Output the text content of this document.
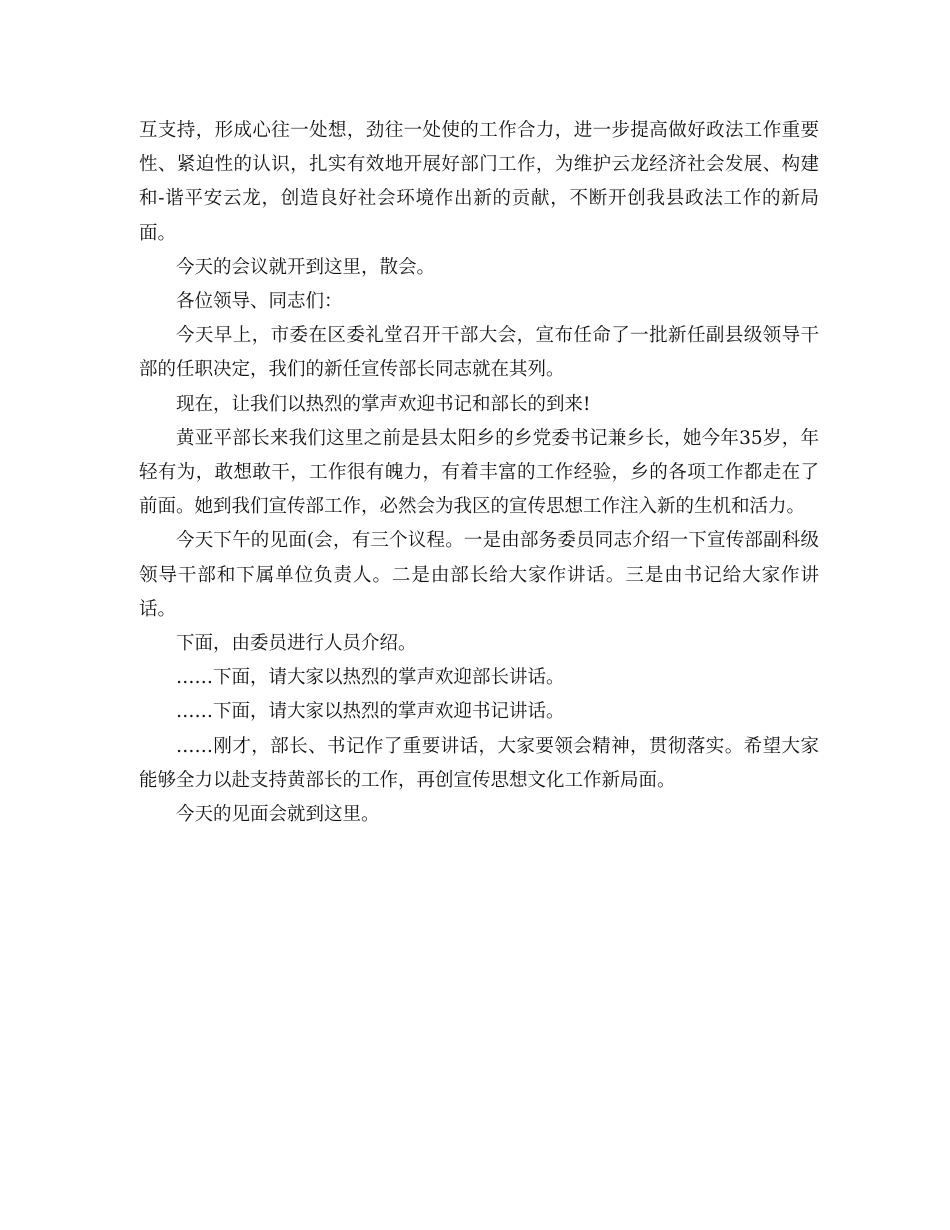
互支持，形成心往一处想，劲往一处使的工作合力，进一步提高做好政法工作重要性、紧迫性的认识，扎实有效地开展好部门工作，为维护云龙经济社会发展、构建和-谐平安云龙，创造良好社会环境作出新的贡献，不断开创我县政法工作的新局面。

今天的会议就开到这里，散会。

各位领导、同志们：

今天早上，市委在区委礼堂召开干部大会，宣布任命了一批新任副县级领导干部的任职决定，我们的新任宣传部长同志就在其列。

现在，让我们以热烈的掌声欢迎书记和部长的到来!

黄亚平部长来我们这里之前是县太阳乡的乡党委书记兼乡长，她今年35岁，年轻有为，敢想敢干，工作很有魄力，有着丰富的工作经验，乡的各项工作都走在了前面。她到我们宣传部工作，必然会为我区的宣传思想工作注入新的生机和活力。

今天下午的见面(会，有三个议程。一是由部务委员同志介绍一下宣传部副科级领导干部和下属单位负责人。二是由部长给大家作讲话。三是由书记给大家作讲话。

下面，由委员进行人员介绍。

……下面，请大家以热烈的掌声欢迎部长讲话。

……下面，请大家以热烈的掌声欢迎书记讲话。

……刚才，部长、书记作了重要讲话，大家要领会精神，贯彻落实。希望大家能够全力以赴支持黄部长的工作，再创宣传思想文化工作新局面。

今天的见面会就到这里。
